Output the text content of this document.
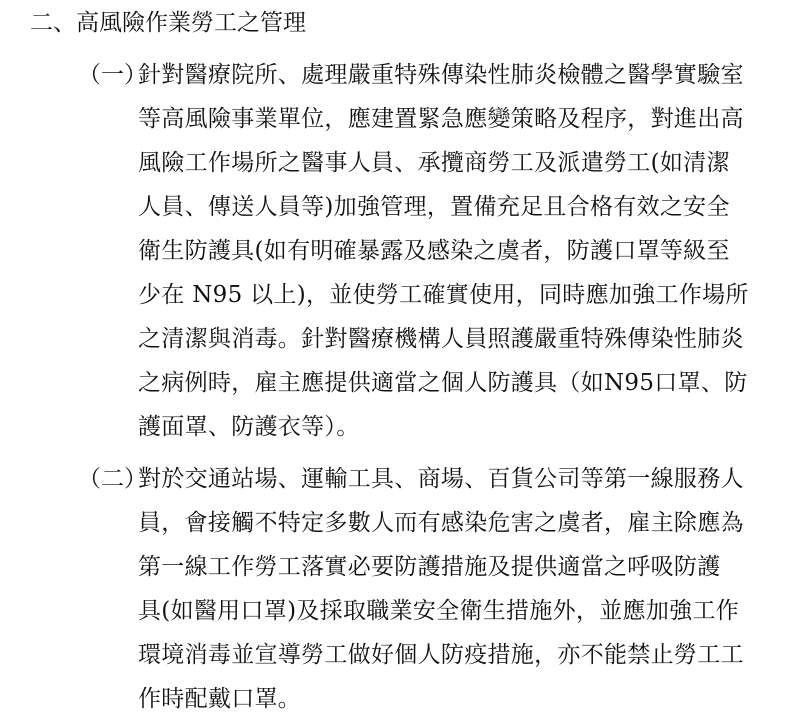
二、高風險作業勞工之管理
（一）
針對醫療院所、處理嚴重特殊傳染性肺炎檢體之醫學實驗室
等高風險事業單位，應建置緊急應變策略及程序，對進出高
風險工作場所之醫事人員、承攬商勞工及派遣勞工(如清潔
人員、傳送人員等)加強管理，置備充足且合格有效之安全
衛生防護具(如有明確暴露及感染之虞者，防護口罩等級至
少在 N95 以上)，並使勞工確實使用，同時應加強工作場所
之清潔與消毒。針對醫療機構人員照護嚴重特殊傳染性肺炎
之病例時，雇主應提供適當之個人防護具（如N95口罩、防
護面罩、防護衣等）。
（二）
對於交通站場、運輸工具、商場、百貨公司等第一線服務人
員，會接觸不特定多數人而有感染危害之虞者，雇主除應為
第一線工作勞工落實必要防護措施及提供適當之呼吸防護
具(如醫用口罩)及採取職業安全衛生措施外，並應加強工作
環境消毒並宣導勞工做好個人防疫措施，亦不能禁止勞工工
作時配戴口罩。
